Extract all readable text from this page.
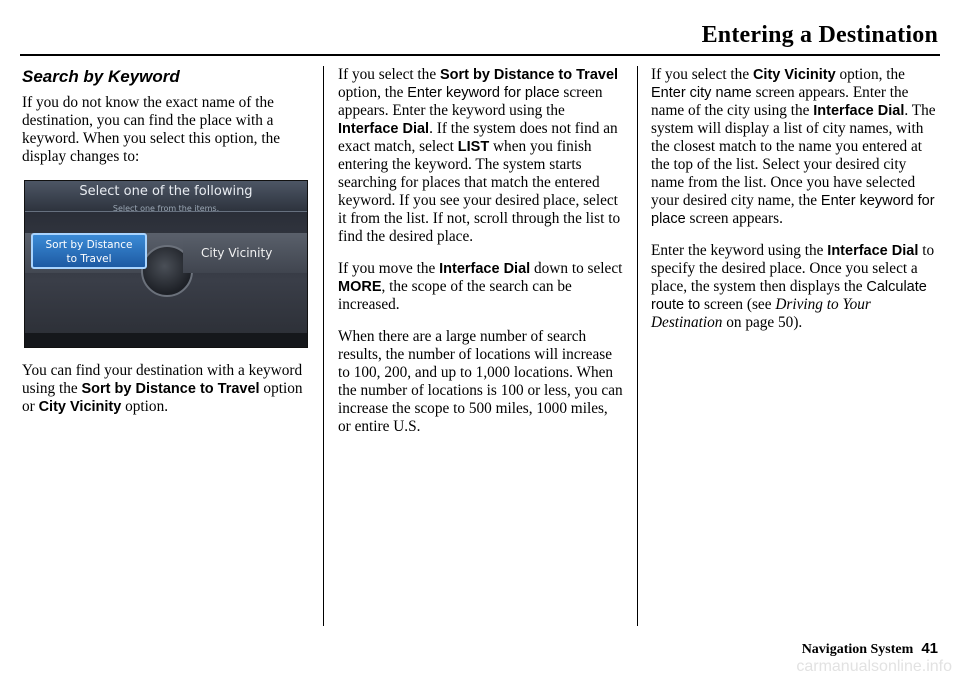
Entering a Destination
Search by Keyword

If you do not know the exact name of the destination, you can find the place with a keyword. When you select this option, the display changes to:

Select one of the following
Select one from the items.
Sort by Distance
to Travel	City Vicinity

You can find your destination with a keyword using the Sort by Distance to Travel option or City Vicinity option.

If you select the Sort by Distance to Travel option, the Enter keyword for place screen appears. Enter the keyword using the Interface Dial. If the system does not find an exact match, select LIST when you finish entering the keyword. The system starts searching for places that match the entered keyword. If you see your desired place, select it from the list. If not, scroll through the list to find the desired place.

If you move the Interface Dial down to select MORE, the scope of the search can be increased.

When there are a large number of search results, the number of locations will increase to 100, 200, and up to 1,000 locations. When the number of locations is 100 or less, you can increase the scope to 500 miles, 1000 miles, or entire U.S.

If you select the City Vicinity option, the Enter city name screen appears. Enter the name of the city using the Interface Dial. The system will display a list of city names, with the closest match to the name you entered at the top of the list. Select your desired city name from the list. Once you have selected your desired city name, the Enter keyword for place screen appears.

Enter the keyword using the Interface Dial to specify the desired place. Once you select a place, the system then displays the Calculate route to screen (see Driving to Your Destination on page 50).

Navigation System 41
carmanualsonline.info
